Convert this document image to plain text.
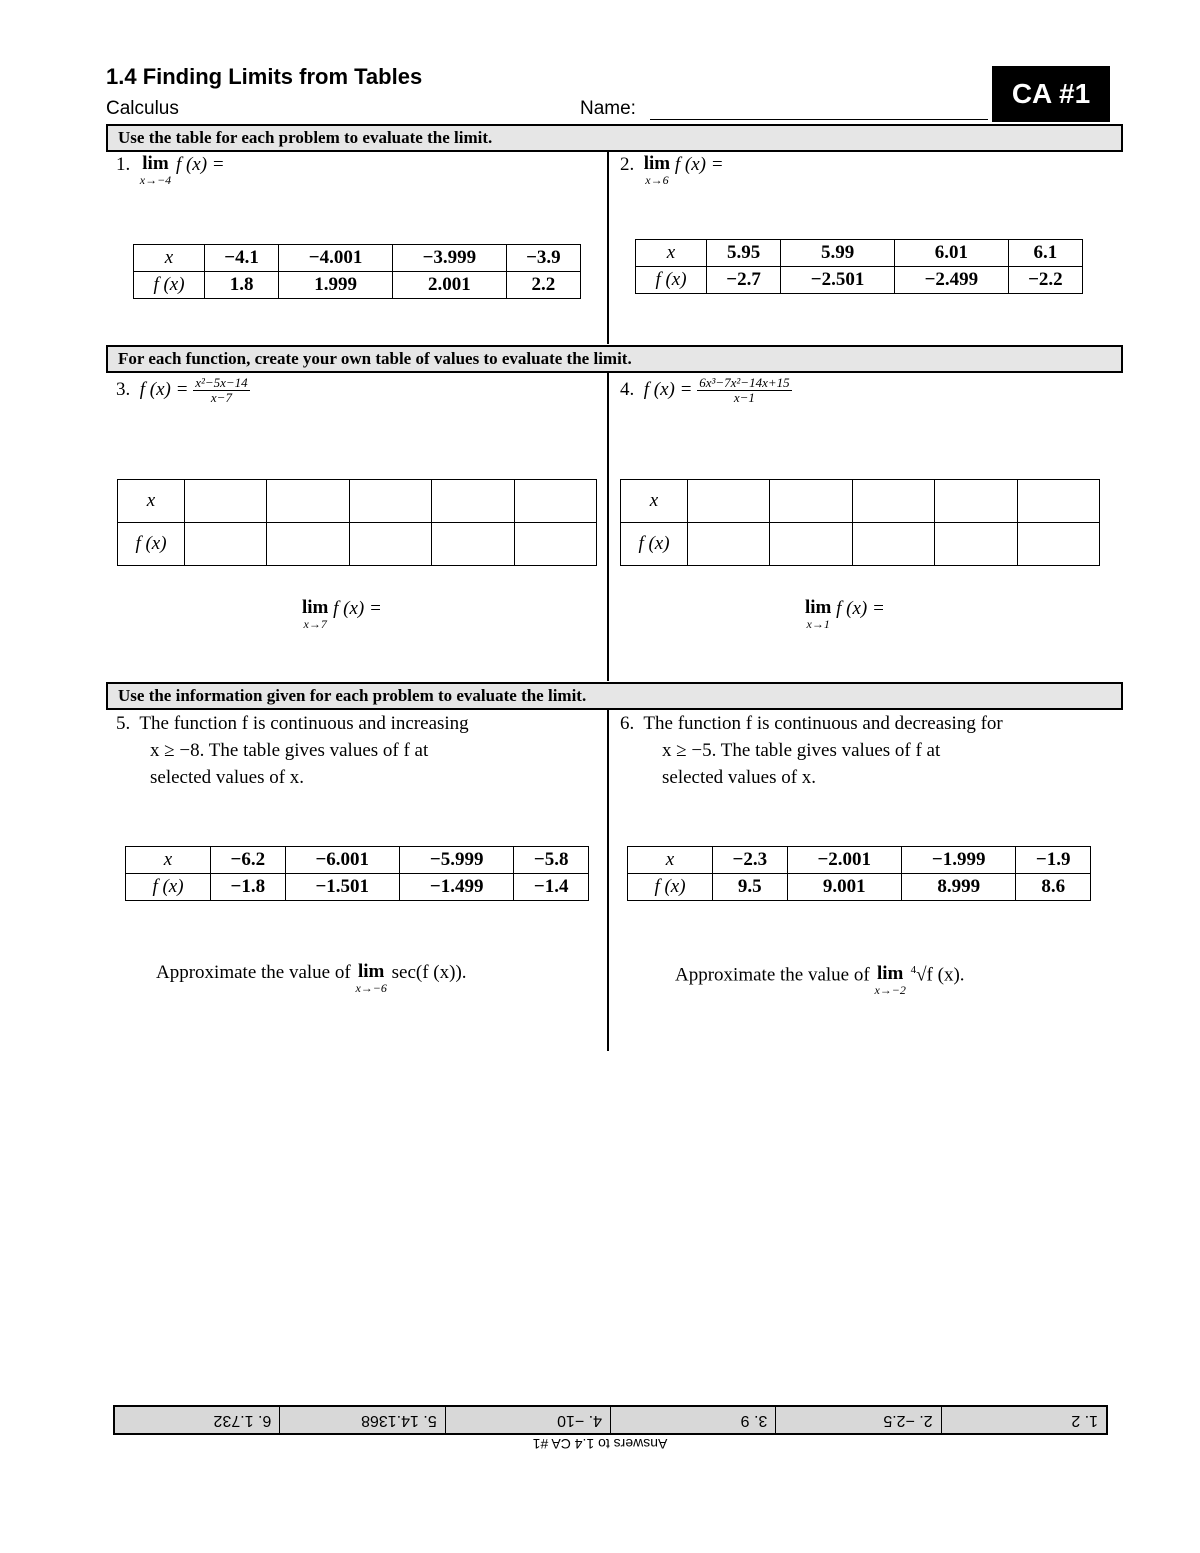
1.4 Finding Limits from Tables
Calculus	Name:	CA #1
Use the table for each problem to evaluate the limit.
1. lim
x→−4
f (x) =
x	−4.1	−4.001	−3.999	−3.9
f (x)	1.8	1.999	2.001	2.2
2. lim
x→6
f (x) =
x	5.95	5.99	6.01	6.1
f (x)	−2.7	−2.501	−2.499	−2.2
For each function, create your own table of values to evaluate the limit.
3. f $(x) = \frac{\text{x²−5x−14}}{x-7}$
x					
f (x)					
lim
x→7
f (x) =
4. f $(x) = \frac{\text{6x³−7x²−14x+15}}{x-1}$
x					
f (x)					
lim
x→1
f (x) =
Use the information given for each problem to evaluate the limit.
5. The function f is continuous and increasing
x ≥ −8. The table gives values of f at
selected values of x.
x	−6.2	−6.001	−5.999	−5.8
f (x)	−1.8	−1.501	−1.499	−1.4
Approximate the value of lim
x→−6
sec(f (x)).
6. The function f is continuous and decreasing for
x ≥ −5. The table gives values of f at
selected values of x.
x	−2.3	−2.001	−1.999	−1.9
f (x)	9.5	9.001	8.999	8.6
Approximate the value of lim
x→−2
$^4$√f (x).
1. 2
2. −2.5
3. 9
4. −10
5. 14.1368
6. 1.732
Answers to 1.4 CA #1
